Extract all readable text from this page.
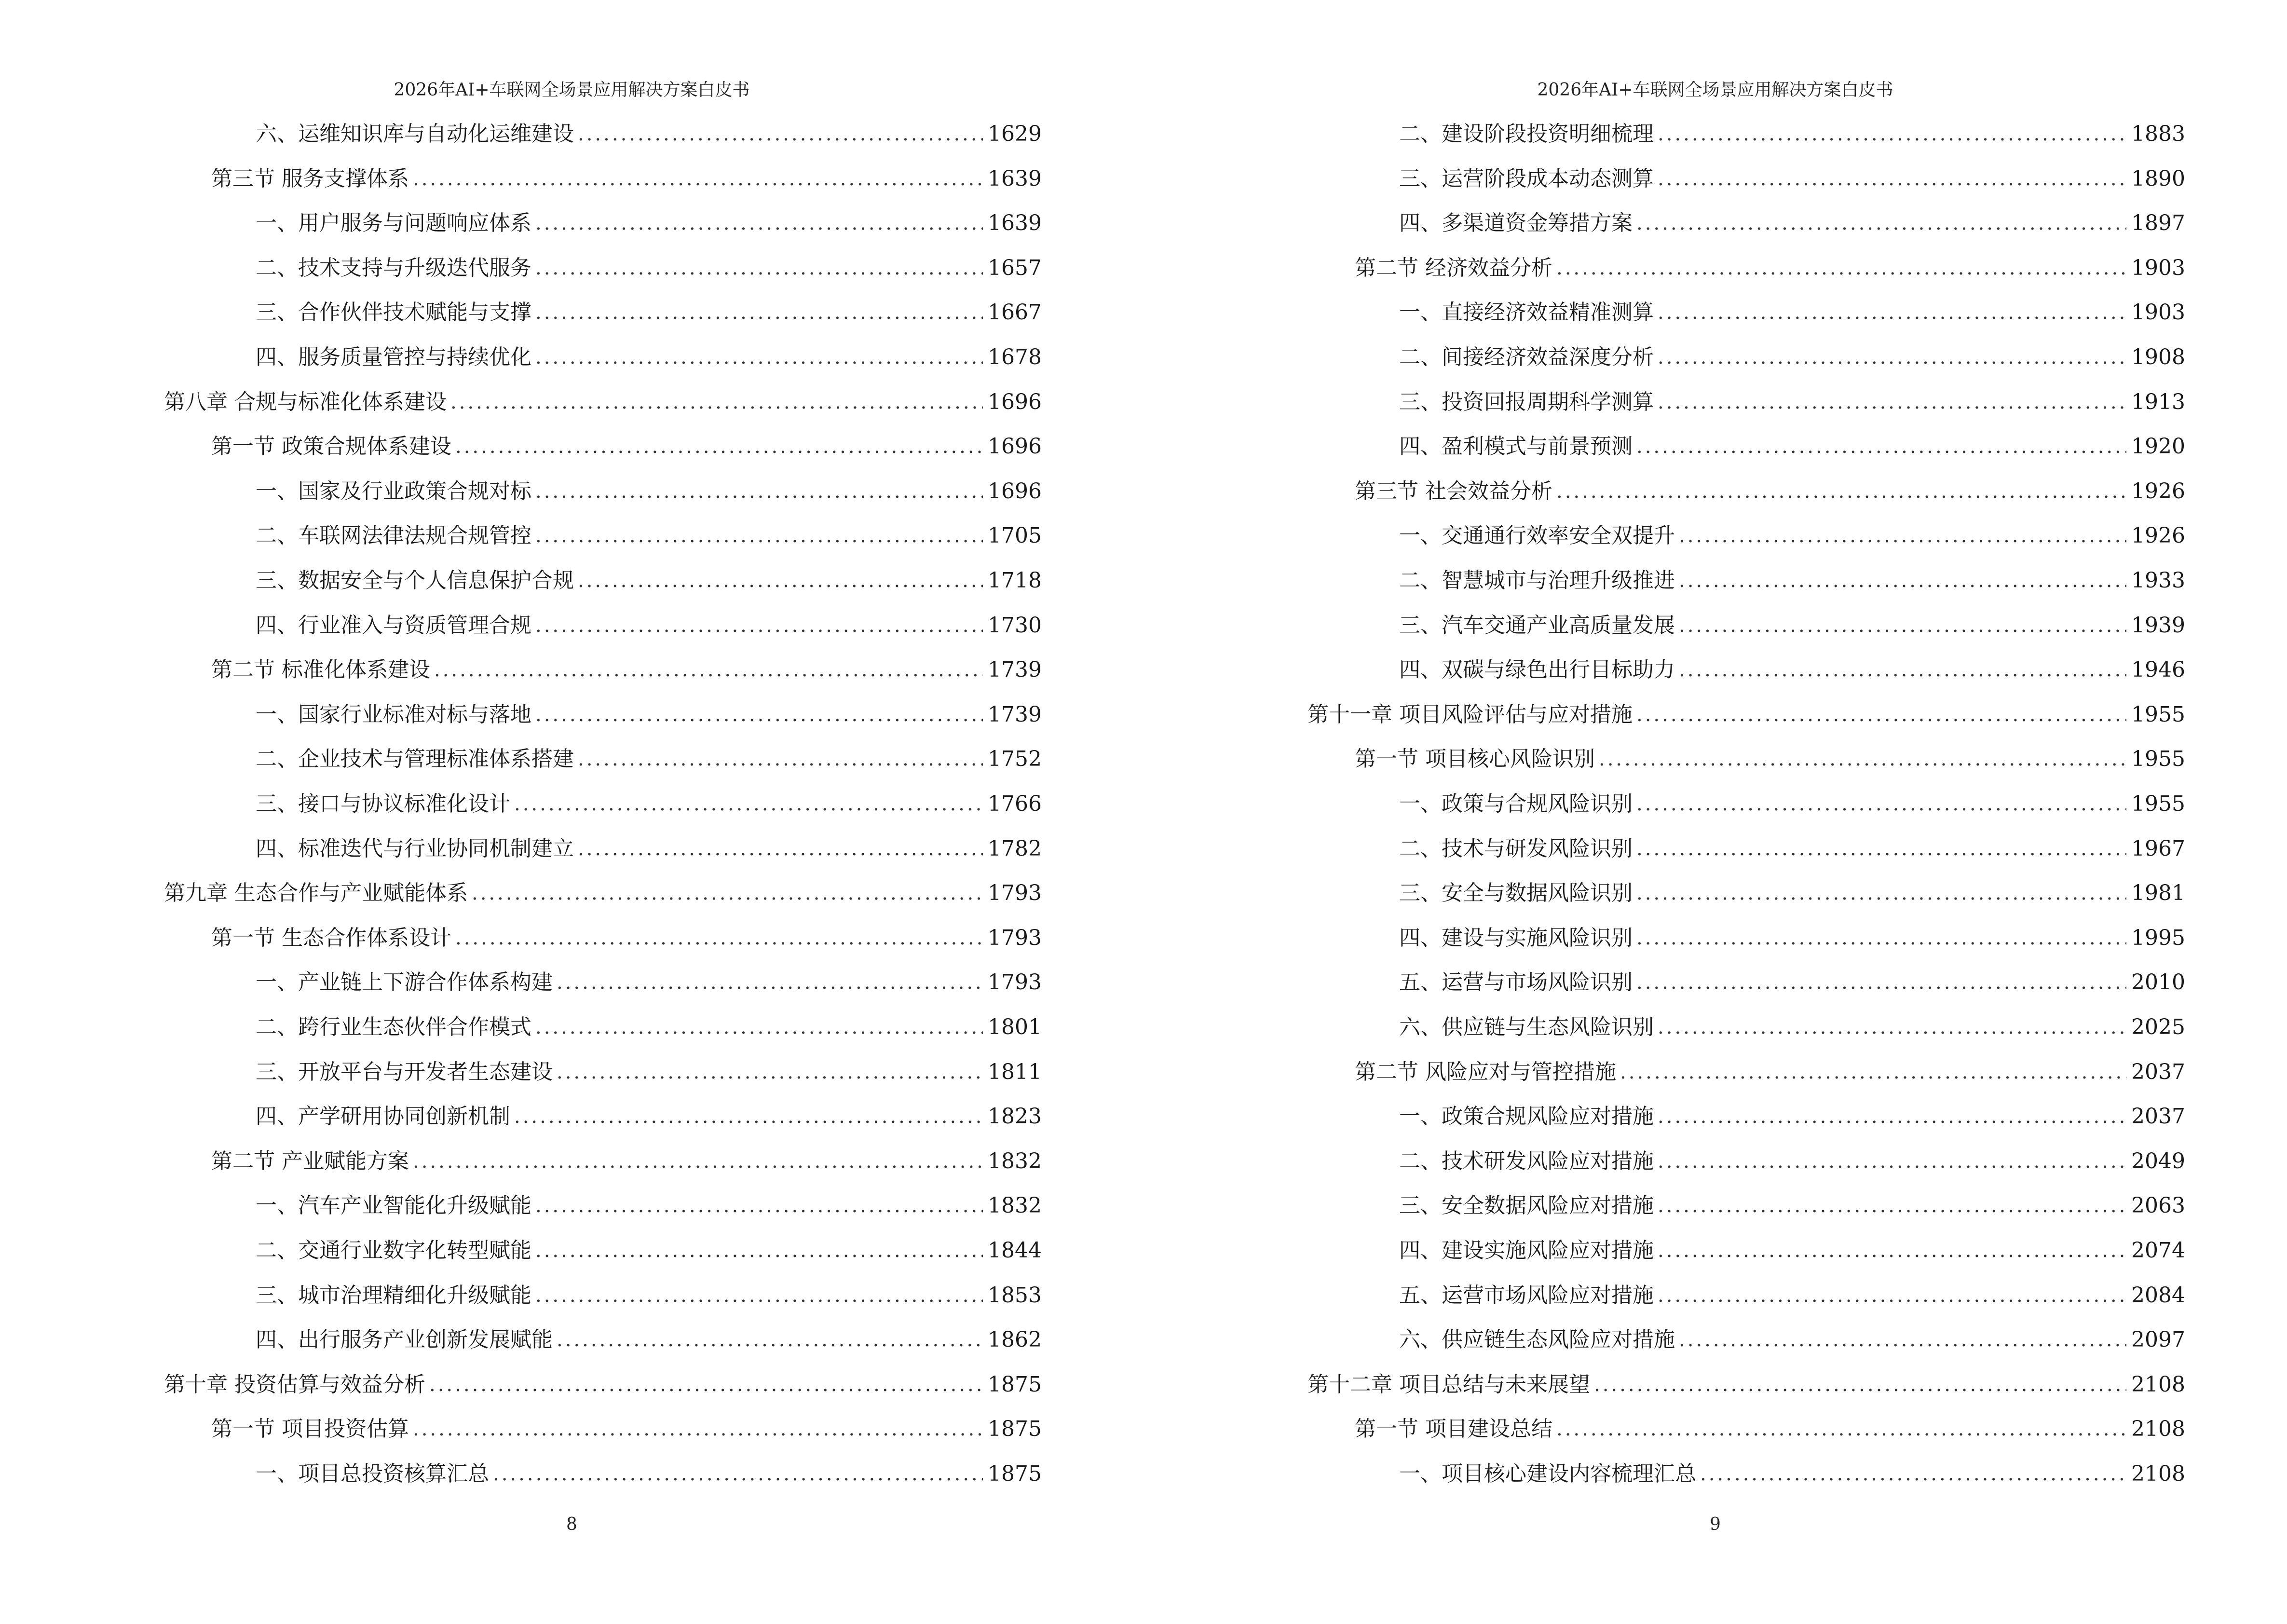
2026年AI+车联网全场景应用解决方案白皮书
六、运维知识库与自动化运维建设 .....	1629
第三节 服务支撑体系 .....	1639
一、用户服务与问题响应体系 .....	1639
二、技术支持与升级迭代服务 .....	1657
三、合作伙伴技术赋能与支撑 .....	1667
四、服务质量管控与持续优化 .....	1678
第八章 合规与标准化体系建设 .....	1696
第一节 政策合规体系建设 .....	1696
一、国家及行业政策合规对标 .....	1696
二、车联网法律法规合规管控 .....	1705
三、数据安全与个人信息保护合规 .....	1718
四、行业准入与资质管理合规 .....	1730
第二节 标准化体系建设 .....	1739
一、国家行业标准对标与落地 .....	1739
二、企业技术与管理标准体系搭建 .....	1752
三、接口与协议标准化设计 .....	1766
四、标准迭代与行业协同机制建立 .....	1782
第九章 生态合作与产业赋能体系 .....	1793
第一节 生态合作体系设计 .....	1793
一、产业链上下游合作体系构建 .....	1793
二、跨行业生态伙伴合作模式 .....	1801
三、开放平台与开发者生态建设 .....	1811
四、产学研用协同创新机制 .....	1823
第二节 产业赋能方案 .....	1832
一、汽车产业智能化升级赋能 .....	1832
二、交通行业数字化转型赋能 .....	1844
三、城市治理精细化升级赋能 .....	1853
四、出行服务产业创新发展赋能 .....	1862
第十章 投资估算与效益分析 .....	1875
第一节 项目投资估算 .....	1875
一、项目总投资核算汇总 .....	1875
8
2026年AI+车联网全场景应用解决方案白皮书
二、建设阶段投资明细梳理 .....	1883
三、运营阶段成本动态测算 .....	1890
四、多渠道资金筹措方案 .....	1897
第二节 经济效益分析 .....	1903
一、直接经济效益精准测算 .....	1903
二、间接经济效益深度分析 .....	1908
三、投资回报周期科学测算 .....	1913
四、盈利模式与前景预测 .....	1920
第三节 社会效益分析 .....	1926
一、交通通行效率安全双提升 .....	1926
二、智慧城市与治理升级推进 .....	1933
三、汽车交通产业高质量发展 .....	1939
四、双碳与绿色出行目标助力 .....	1946
第十一章 项目风险评估与应对措施 .....	1955
第一节 项目核心风险识别 .....	1955
一、政策与合规风险识别 .....	1955
二、技术与研发风险识别 .....	1967
三、安全与数据风险识别 .....	1981
四、建设与实施风险识别 .....	1995
五、运营与市场风险识别 .....	2010
六、供应链与生态风险识别 .....	2025
第二节 风险应对与管控措施 .....	2037
一、政策合规风险应对措施 .....	2037
二、技术研发风险应对措施 .....	2049
三、安全数据风险应对措施 .....	2063
四、建设实施风险应对措施 .....	2074
五、运营市场风险应对措施 .....	2084
六、供应链生态风险应对措施 .....	2097
第十二章 项目总结与未来展望 .....	2108
第一节 项目建设总结 .....	2108
一、项目核心建设内容梳理汇总 .....	2108
9
